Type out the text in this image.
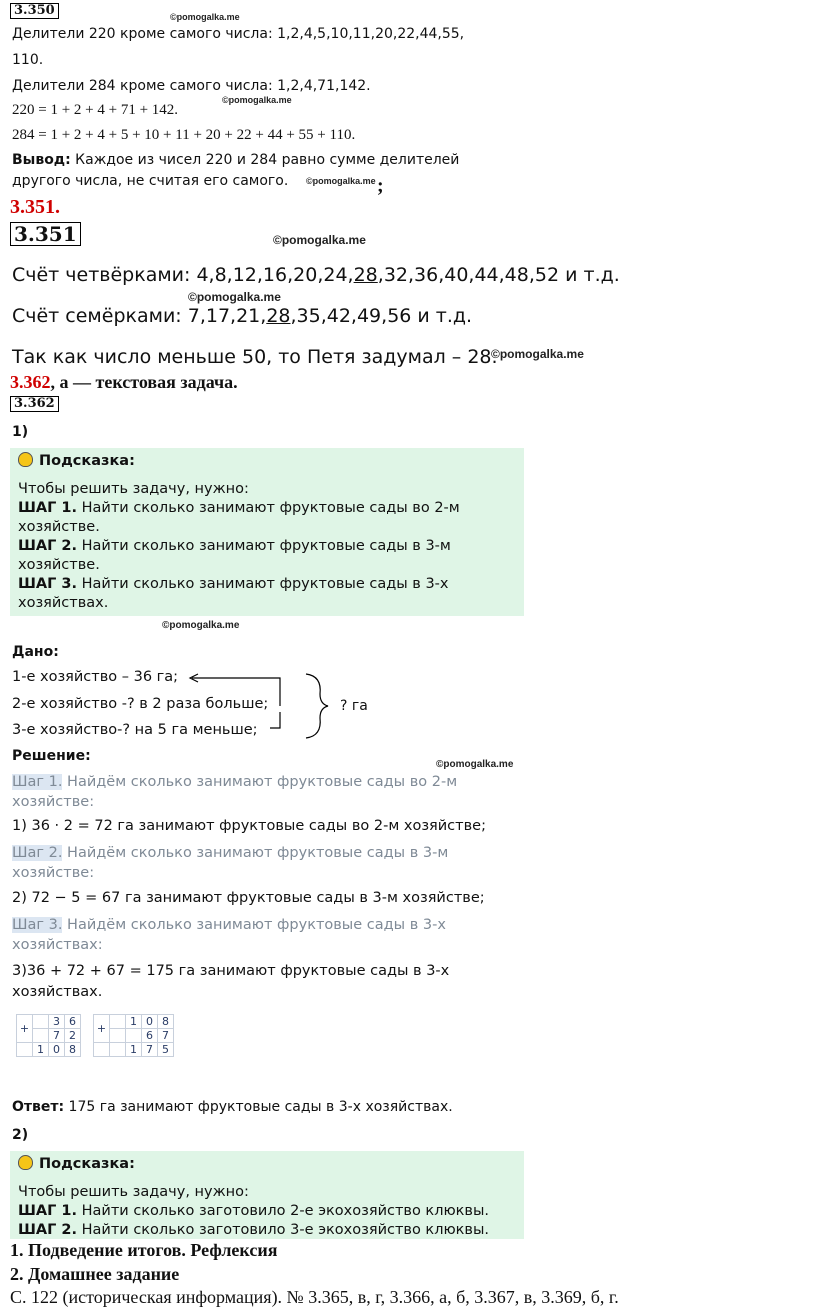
3.350	©pomogalka.me
Делители 220 кроме самого числа: 1,2,4,5,10,11,20,22,44,55,
110.
Делители 284 кроме самого числа: 1,2,4,71,142.
©pomogalka.me
220 = 1 + 2 + 4 + 71 + 142.
284 = 1 + 2 + 4 + 5 + 10 + 11 + 20 + 22 + 44 + 55 + 110.
Вывод: Каждое из чисел 220 и 284 равно сумме делителей
другого числа, не считая его самого. ©pomogalka.me ;
3.351.
3.351	©pomogalka.me
Счёт четвёрками: 4,8,12,16,20,24,28,32,36,40,44,48,52 и т.д.
©pomogalka.me
Счёт семёрками: 7,17,21,28,35,42,49,56 и т.д.
Так как число меньше 50, то Петя задумал – 28.
©pomogalka.me
3.362, а — текстовая задача.
3.362
1)
Подсказка:
Чтобы решить задачу, нужно:
ШАГ 1. Найти сколько занимают фруктовые сады во 2-м
хозяйстве.
ШАГ 2. Найти сколько занимают фруктовые сады в 3-м
хозяйстве.
ШАГ 3. Найти сколько занимают фруктовые сады в 3-х
хозяйствах.
©pomogalka.me
Дано:
1-е хозяйство – 36 га;
2-е хозяйство -? в 2 раза больше;
3-е хозяйство-? на 5 га меньше;
? га
Решение:
©pomogalka.me
Шаг 1. Найдём сколько занимают фруктовые сады во 2-м
хозяйстве:
1) 36 ⋅ 2 = 72 га занимают фруктовые сады во 2-м хозяйстве;
Шаг 2. Найдём сколько занимают фруктовые сады в 3-м
хозяйстве:
2) 72 − 5 = 67 га занимают фруктовые сады в 3-м хозяйстве;
Шаг 3. Найдём сколько занимают фруктовые сады в 3-х
хозяйствах:
3)36 + 72 + 67 = 175 га занимают фруктовые сады в 3-х
хозяйствах.
+		3	6
		7	2
	1	0	8
+		1	0	8
			6	7
		1	7	5
Ответ: 175 га занимают фруктовые сады в 3-х хозяйствах.
2)
Подсказка:
Чтобы решить задачу, нужно:
ШАГ 1. Найти сколько заготовило 2-е экохозяйство клюквы.
ШАГ 2. Найти сколько заготовило 3-е экохозяйство клюквы.
1. Подведение итогов. Рефлексия
2. Домашнее задание
С. 122 (историческая информация). № 3.365, в, г, 3.366, а, б, 3.367, в, 3.369, б, г.
